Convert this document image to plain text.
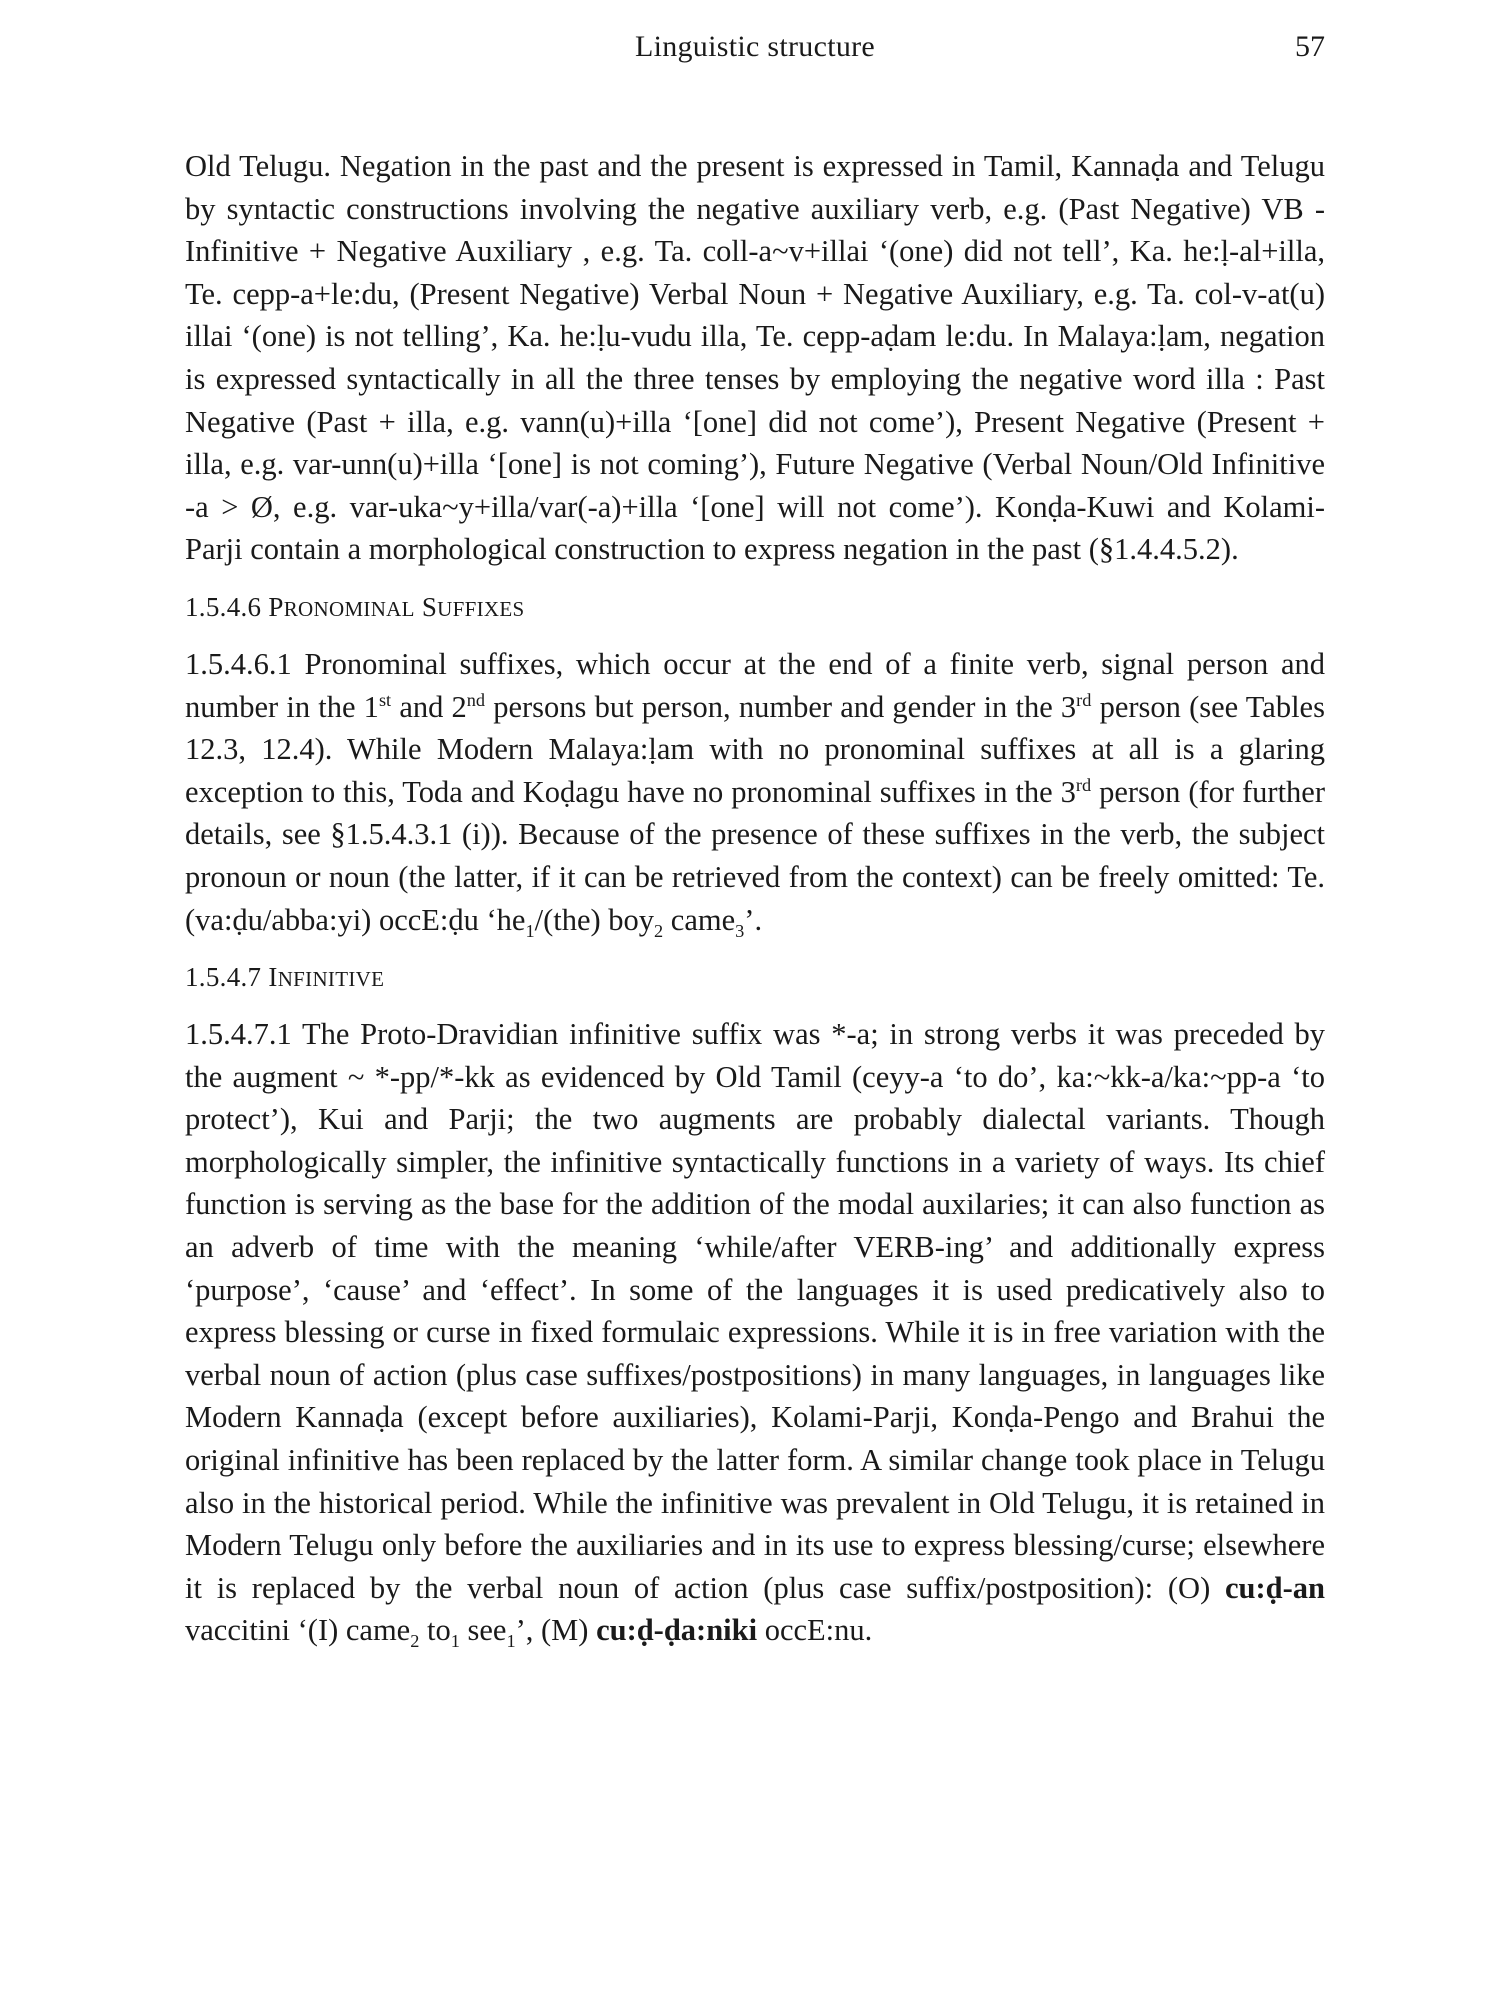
Linguistic structure	57

Old Telugu. Negation in the past and the present is expressed in Tamil, Kannaḍa and Telugu by syntactic constructions involving the negative auxiliary verb, e.g. (Past Negative) VB - Infinitive + Negative Auxiliary , e.g. Ta. coll-a~v+illai ‘(one) did not tell’, Ka. he:ḷ-al+illa, Te. cepp-a+le:du, (Present Negative) Verbal Noun + Negative Auxiliary, e.g. Ta. col-v-at(u) illai ‘(one) is not telling’, Ka. he:ḷu-vudu illa, Te. cepp-aḍam le:du. In Malaya:ḷam, negation is expressed syntactically in all the three tenses by employing the negative word illa : Past Negative (Past + illa, e.g. vann(u)+illa ‘[one] did not come’), Present Negative (Present + illa, e.g. var-unn(u)+illa ‘[one] is not coming’), Future Negative (Verbal Noun/Old Infinitive -a > Ø, e.g. var-uka~y+illa/var(-a)+illa ‘[one] will not come’). Konḍa-Kuwi and Kolami-Parji contain a morphological construction to express negation in the past (§1.4.4.5.2).

1.5.4.6 PRONOMINAL SUFFIXES

1.5.4.6.1 Pronominal suffixes, which occur at the end of a finite verb, signal person and number in the 1st and 2nd persons but person, number and gender in the 3rd person (see Tables 12.3, 12.4). While Modern Malaya:ḷam with no pronominal suffixes at all is a glaring exception to this, Toda and Koḍagu have no pronominal suffixes in the 3rd person (for further details, see §1.5.4.3.1 (i)). Because of the presence of these suffixes in the verb, the subject pronoun or noun (the latter, if it can be retrieved from the context) can be freely omitted: Te. (va:ḍu/abba:yi) occE:ḍu ‘$he_1/(the)$ boy$_2$ came$_3$’.

1.5.4.7 INFINITIVE

1.5.4.7.1 The Proto-Dravidian infinitive suffix was *-a; in strong verbs it was preceded by the augment ~ *-pp/*-kk as evidenced by Old Tamil (ceyy-a ‘to do’, ka:~kk-a/ka:~pp-a ‘to protect’), Kui and Parji; the two augments are probably dialectal variants. Though morphologically simpler, the infinitive syntactically functions in a variety of ways. Its chief function is serving as the base for the addition of the modal auxilaries; it can also function as an adverb of time with the meaning ‘while/after VERB-ing’ and additionally express ‘purpose’, ‘cause’ and ‘effect’. In some of the languages it is used predicatively also to express blessing or curse in fixed formulaic expressions. While it is in free variation with the verbal noun of action (plus case suffixes/postpositions) in many languages, in languages like Modern Kannaḍa (except before auxiliaries), Kolami-Parji, Konḍa-Pengo and Brahui the original infinitive has been replaced by the latter form. A similar change took place in Telugu also in the historical period. While the infinitive was prevalent in Old Telugu, it is retained in Modern Telugu only before the auxiliaries and in its use to express blessing/curse; elsewhere it is replaced by the verbal noun of action (plus case suffix/postposition): (O) cu:ḍ-an vaccitini ‘(I) came$_2$ $to_1$ see$_1$’, (M) cu:ḍ-ḍa:niki occE:nu.
